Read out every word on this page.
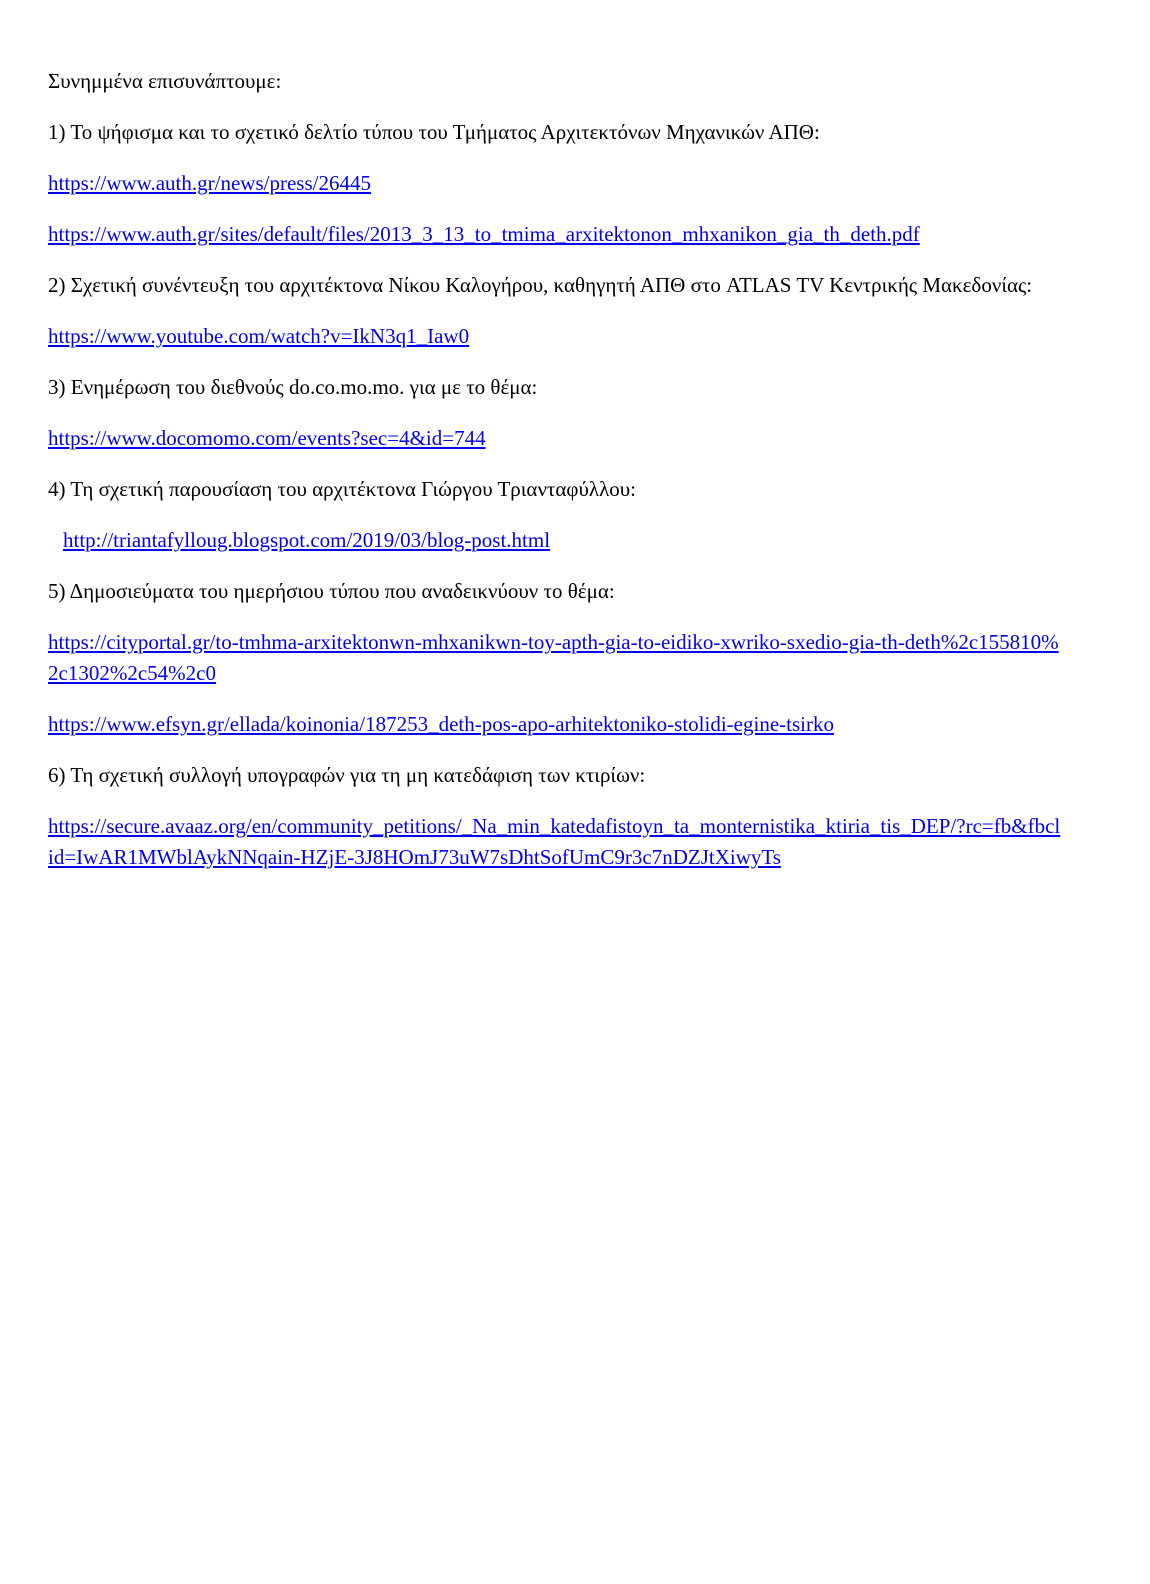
Συνημμένα επισυνάπτουμε:

1) Το ψήφισμα και το σχετικό δελτίο τύπου του Τμήματος Αρχιτεκτόνων Μηχανικών ΑΠΘ:

https://www.auth.gr/news/press/26445

https://www.auth.gr/sites/default/files/2013_3_13_to_tmima_arxitektonon_mhxanikon_gia_th_deth.pdf

2) Σχετική συνέντευξη του αρχιτέκτονα Νίκου Καλογήρου, καθηγητή ΑΠΘ στο ATLAS TV Κεντρικής Μακεδονίας:

https://www.youtube.com/watch?v=IkN3q1_Iaw0

3) Ενημέρωση του διεθνούς do.co.mo.mo. για με το θέμα:

https://www.docomomo.com/events?sec=4&id=744

4) Τη σχετική παρουσίαση του αρχιτέκτονα Γιώργου Τριανταφύλλου:

http://triantafylloug.blogspot.com/2019/03/blog-post.html

5) Δημοσιεύματα του ημερήσιου τύπου που αναδεικνύουν το θέμα:

https://cityportal.gr/to-tmhma-arxitektonwn-mhxanikwn-toy-apth-gia-to-eidiko-xwriko-sxedio-gia-th-deth%2c155810%2c1302%2c54%2c0

https://www.efsyn.gr/ellada/koinonia/187253_deth-pos-apo-arhitektoniko-stolidi-egine-tsirko

6) Τη σχετική συλλογή υπογραφών για τη μη κατεδάφιση των κτιρίων:

https://secure.avaaz.org/en/community_petitions/_Na_min_katedafistoyn_ta_monternistika_ktiria_tis_DEP/?rc=fb&fbclid=IwAR1MWblAykNNqain-HZjE-3J8HOmJ73uW7sDhtSofUmC9r3c7nDZJtXiwyTs
